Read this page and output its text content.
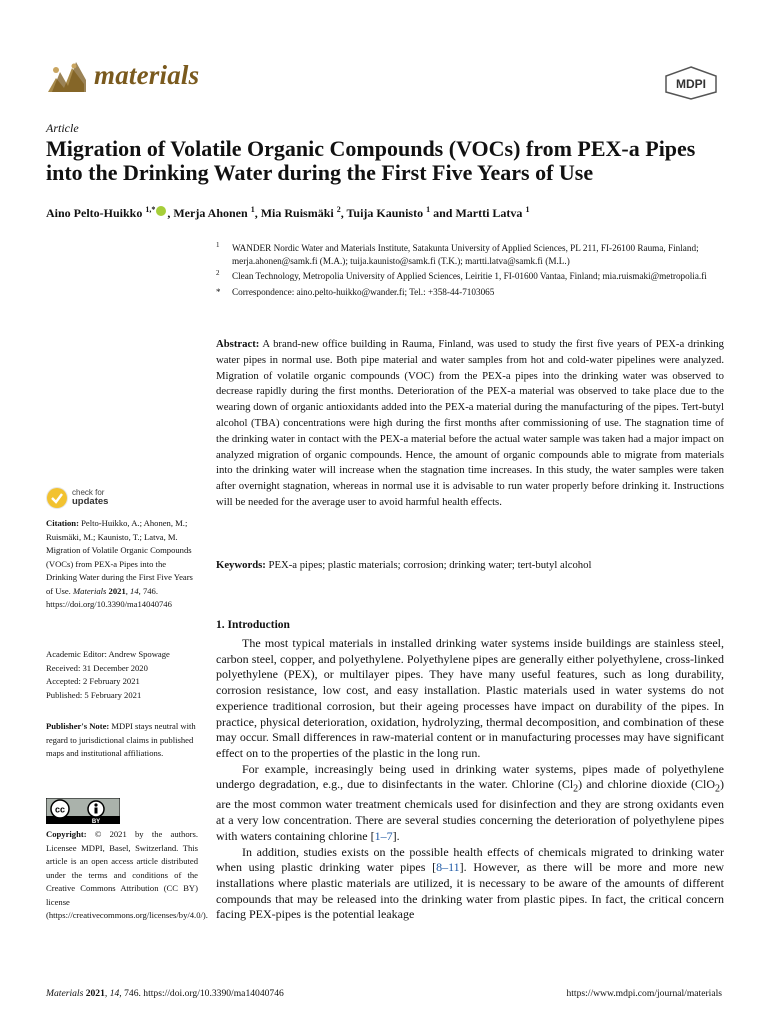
materials	MDPI
Article
Migration of Volatile Organic Compounds (VOCs) from PEX-a Pipes into the Drinking Water during the First Five Years of Use
Aino Pelto-Huikko $^{1,*}$ , Merja Ahonen $^1$, Mia Ruismäki $^2$, Tuija Kaunisto $^1$ and Martti Latva $^1$
1 WANDER Nordic Water and Materials Institute, Satakunta University of Applied Sciences, PL 211, FI-26100 Rauma, Finland; merja.ahonen@samk.fi (M.A.); tuija.kaunisto@samk.fi (T.K.); martti.latva@samk.fi (M.L.)
2 Clean Technology, Metropolia University of Applied Sciences, Leiritie 1, FI-01600 Vantaa, Finland; mia.ruismaki@metropolia.fi
* Correspondence: aino.pelto-huikko@wander.fi; Tel.: +358-44-7103065
Abstract: A brand-new office building in Rauma, Finland, was used to study the first five years of PEX-a drinking water pipes in normal use. Both pipe material and water samples from hot and cold-water pipelines were analyzed. Migration of volatile organic compounds (VOC) from the PEX-a pipes into the drinking water was observed to decrease rapidly during the first months. Deterioration of the PEX-a material was observed to take place due to the wearing down of organic antioxidants added into the PEX-a material during the manufacturing of the pipes. Tert-butyl alcohol (TBA) concentrations were high during the first months after commissioning of use. The stagnation time of the drinking water in contact with the PEX-a material before the actual water sample was taken had a major impact on analyzed migration of organic compounds. Hence, the amount of organic compounds able to migrate from materials into the drinking water will increase when the stagnation time increases. In this study, the water samples were taken after overnight stagnation, whereas in normal use it is advisable to run water properly before drinking it. Instructions will be needed for the average user to avoid harmful health effects.
Keywords: PEX-a pipes; plastic materials; corrosion; drinking water; tert-butyl alcohol
1. Introduction

The most typical materials in installed drinking water systems inside buildings are stainless steel, carbon steel, copper, and polyethylene. Polyethylene pipes are generally either polyethylene, cross-linked polyethylene (PEX), or multilayer pipes. They have many useful features, such as long durability, corrosion resistance, low cost, and easy installation. Plastic materials used in water systems do not experience traditional corrosion, but their ageing processes have impact on durability of the pipes. In practice, physical deterioration, oxidation, hydrolyzing, thermal decomposition, and combination of these may occur. Small differences in raw-material content or in manufacturing processes may have significant effect on to the properties of the plastic in the long run.

For example, increasingly being used in drinking water systems, pipes made of polyethylene undergo degradation, e.g., due to disinfectants in the water. Chlorine $(Cl_2)$ and chlorine dioxide (ClO$_2$) are the most common water treatment chemicals used for disinfection and they are strong oxidants even at a very low concentration. There are several studies concerning the deterioration of polyethylene pipes with waters containing chlorine [1–7].

In addition, studies exists on the possible health effects of chemicals migrated to drinking water when using plastic drinking water pipes [8–11]. However, as there will be more and more new installations where plastic materials are utilized, it is necessary to be aware of the amounts of different compounds that may be released into the drinking water from plastic pipes. In fact, the critical concern facing PEX-pipes is the potential leakage

check for
updates
Citation: Pelto-Huikko, A.; Ahonen, M.; Ruismäki, M.; Kaunisto, T.; Latva, M. Migration of Volatile Organic Compounds (VOCs) from PEX-a Pipes into the Drinking Water during the First Five Years of Use. Materials 2021, 14, 746. https://doi.org/10.3390/ma14040746
Academic Editor: Andrew Spowage
Received: 31 December 2020
Accepted: 2 February 2021
Published: 5 February 2021
Publisher's Note: MDPI stays neutral with regard to jurisdictional claims in published maps and institutional affiliations.
cc
BY
Copyright: © 2021 by the authors. Licensee MDPI, Basel, Switzerland. This article is an open access article distributed under the terms and conditions of the Creative Commons Attribution (CC BY) license (https://creativecommons.org/licenses/by/4.0/).
Materials 2021, 14, 746. https://doi.org/10.3390/ma14040746	https://www.mdpi.com/journal/materials
